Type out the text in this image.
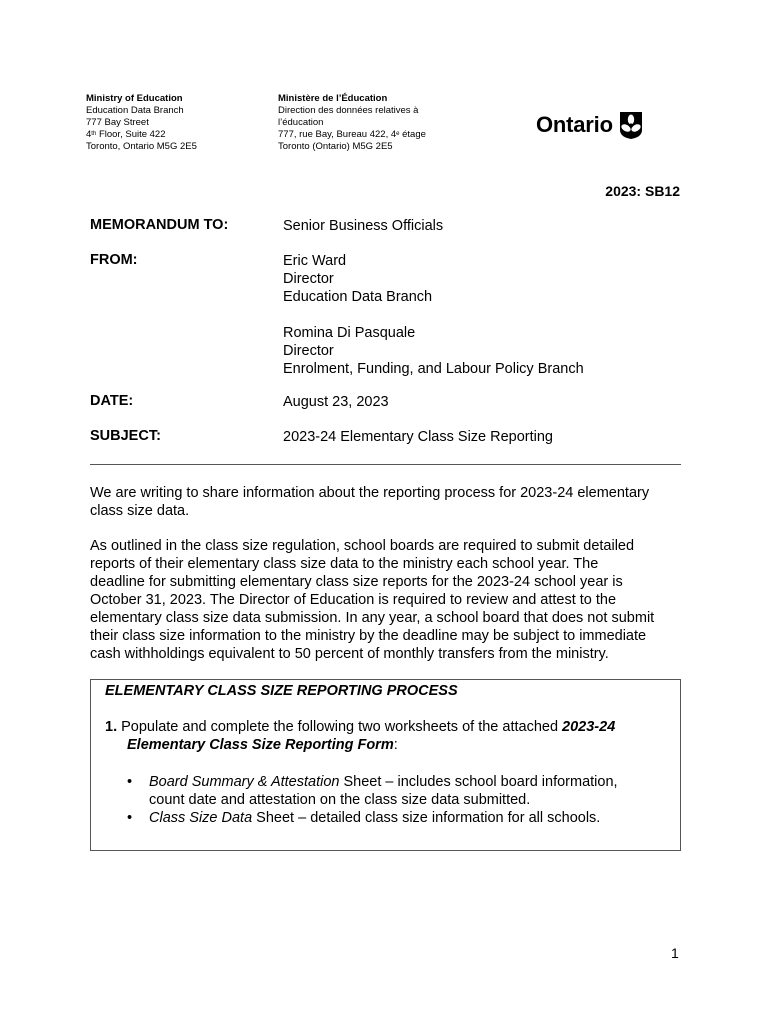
Ministry of Education
Education Data Branch
777 Bay Street
4th Floor, Suite 422
Toronto, Ontario M5G 2E5
Ministère de l’Éducation
Direction des données relatives à
l’éducation
777, rue Bay, Bureau 422, 4e étage
Toronto (Ontario) M5G 2E5
Ontario
2023: SB12
MEMORANDUM TO:	Senior Business Officials
FROM:	Eric Ward
Director
Education Data Branch
Romina Di Pasquale
Director
Enrolment, Funding, and Labour Policy Branch
DATE:	August 23, 2023
SUBJECT:	2023-24 Elementary Class Size Reporting
We are writing to share information about the reporting process for 2023-24 elementary
class size data.
As outlined in the class size regulation, school boards are required to submit detailed
reports of their elementary class size data to the ministry each school year. The
deadline for submitting elementary class size reports for the 2023-24 school year is
October 31, 2023. The Director of Education is required to review and attest to the
elementary class size data submission. In any year, a school board that does not submit
their class size information to the ministry by the deadline may be subject to immediate
cash withholdings equivalent to 50 percent of monthly transfers from the ministry.
ELEMENTARY CLASS SIZE REPORTING PROCESS
1. Populate and complete the following two worksheets of the attached 2023-24
Elementary Class Size Reporting Form:
• Board Summary & Attestation Sheet – includes school board information,
count date and attestation on the class size data submitted.
• Class Size Data Sheet – detailed class size information for all schools.
1
